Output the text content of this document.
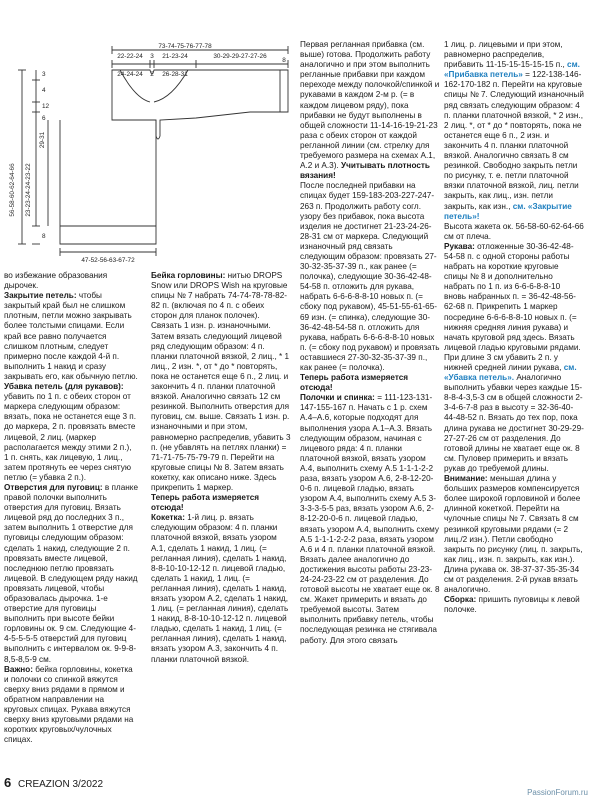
73-74-75-76-77-78
22-22-24
24-24-24
3
2
21-23-24
26-28-31
30-29-29-27-27-26
8
4
12
6
3
56-58-60-62-64-66 23-23-24-24-23-22
29-31
8
47-52-56-63-67-72

во избежание образования дырочек.

Закрытие петель: чтобы закрытый край был не слишком плотным, петли можно закрывать более толстыми спицами. Если край все равно получается слишком плотным, следует примерно после каждой 4-й п. выполнить 1 накид и сразу закрывать его, как обычную петлю.

Убавка петель (для рукавов): убавить по 1 п. с обеих сторон от маркера следующим образом: вязать, пока не останется еще 3 п. до маркера, 2 п. провязать вместе лицевой, 2 лиц. (маркер располагается между этими 2 п.), 1 п. снять, как лицевую, 1 лиц., затем протянуть ее через снятую петлю (= убавка 2 п.).

Отверстия для пуговиц: в планке правой полочки выполнить отверстия для пуговиц. Вязать лицевой ряд до последних 3 п., затем выполнить 1 отверстие для пуговицы следующим образом: сделать 1 накид, следующие 2 п. провязать вместе лицевой, последнюю петлю провязать лицевой. В следующем ряду накид провязать лицевой, чтобы образовалась дырочка. 1-е отверстие для пуговицы выполнить при высоте бейки горловины ок. 9 см. Следующие 4-4-5-5-5-5 отверстий для пуговиц выполнить с интервалом ок. 9-9-8-8,5-8,5-9 см.

Важно: бейка горловины, кокетка и полочки со спинкой вяжутся сверху вниз рядами в прямом и обратном направлении на круговых спицах. Рукава вяжутся сверху вниз круговыми рядами на коротких круговых/чулочных спицах.

Бейка горловины: нитью DROPS Snow или DROPS Wish на круговые спицы № 7 набрать 74-74-78-78-82-82 п. (включая по 4 п. с обеих сторон для планок полочек). Связать 1 изн. р. изнаночными. Затем вязать следующий лицевой ряд следующим образом: 4 п. планки платочной вязкой, 2 лиц., * 1 лиц., 2 изн. *, от * до * повторять, пока не останется еще 6 п., 2 лиц. и закончить 4 п. планки платочной вязкой. Аналогично связать 12 см резинкой. Выполнить отверстия для пуговиц, см. выше. Связать 1 изн. р. изнаночными и при этом, равномерно распределив, убавить 3 п. (не убавлять на петлях планки) = 71-71-75-75-79-79 п. Перейти на круговые спицы № 8. Затем вязать кокетку, как описано ниже. Здесь прикрепить 1 маркер.

Теперь работа измеряется отсюда!

Кокетка: 1-й лиц. р. вязать следующим образом: 4 п. планки платочной вязкой, вязать узором А.1, сделать 1 накид, 1 лиц. (= регланная линия), сделать 1 накид, 8-8-10-10-12-12 п. лицевой гладью, сделать 1 накид, 1 лиц. (= регланная линия), сделать 1 накид, вязать узором А.2, сделать 1 накид, 1 лиц. (= регланная линия), сделать 1 накид, 8-8-10-10-12-12 п. лицевой гладью, сделать 1 накид, 1 лиц. (= регланная линия), сделать 1 накид, вязать узором А.3, закончить 4 п. планки платочной вязкой.

Первая регланная прибавка (см. выше) готова. Продолжить работу аналогично и при этом выполнить регланные прибавки при каждом переходе между полочкой/спинкой и рукавами в каждом 2-м р. (= в каждом лицевом ряду), пока прибавки не будут выполнены в общей сложности 11-14-16-19-21-23 раза с обеих сторон от каждой регланной линии (см. стрелку для требуемого размера на схемах А.1, А.2 и А.3). Учитывать плотность вязания!

После последней прибавки на спицах будет 159-183-203-227-247-263 п. Продолжить работу согл. узору без прибавок, пока высота изделия не достигнет 21-23-24-26-28-31 см от маркера. Следующий изнаночный ряд связать следующим образом: провязать 27-30-32-35-37-39 п., как ранее (= полочка), следующие 30-36-42-48-54-58 п. отложить для рукава, набрать 6-6-6-8-8-10 новых п. (= сбоку под рукавом), 45-51-55-61-65-69 изн. (= спинка), следующие 30-36-42-48-54-58 п. отложить для рукава, набрать 6-6-6-8-8-10 новых п. (= сбоку под рукавом) и провязать оставшиеся 27-30-32-35-37-39 п., как ранее (= полочка).

Теперь работа измеряется отсюда!

Полочки и спинка: = 111-123-131-147-155-167 п. Начать с 1 р. схем А.4–А.6, которые подходят для выполнения узора А.1–А.3. Вязать следующим образом, начиная с лицевого ряда: 4 п. планки платочной вязкой, вязать узором А.4, выполнить схему А.5 1-1-1-2-2 раза, вязать узором А.6, 2-8-12-20-0-6 п. лицевой гладью, вязать узором А.4, выполнить схему А.5 3-3-3-3-5-5 раз, вязать узором А.6, 2-8-12-20-0-6 п. лицевой гладью, вязать узором А.4, выполнить схему А.5 1-1-1-2-2-2 раза, вязать узором А.6 и 4 п. планки платочной вязкой. Вязать далее аналогично до достижения высоты работы 23-23-24-24-23-22 см от разделения. До готовой высоты не хватает еще ок. 8 см. Жакет примерить и вязать до требуемой высоты. Затем выполнить прибавку петель, чтобы последующая резинка не стягивала работу. Для этого связать

1 лиц. р. лицевыми и при этом, равномерно распределив, прибавить 11-15-15-15-15-15 п., см. «Прибавка петель» = 122-138-146-162-170-182 п. Перейти на круговые спицы № 7. Следующий изнаночный ряд связать следующим образом: 4 п. планки платочной вязкой, * 2 изн., 2 лиц. *, от * до * повторять, пока не останется еще 6 п., 2 изн. и закончить 4 п. планки платочной вязкой. Аналогично связать 8 см резинкой. Свободно закрыть петли по рисунку, т. е. петли платочной вязки платочной вязкой, лиц. петли закрыть, как лиц., изн. петли закрыть, как изн., см. «Закрытие петель»!

Высота жакета ок. 56-58-60-62-64-66 см от плеча.

Рукава: отложенные 30-36-42-48-54-58 п. с одной стороны работы набрать на короткие круговые спицы № 8 и дополнительно набрать по 1 п. из 6-6-6-8-8-10 вновь набранных п. = 36-42-48-56-62-68 п. Прикрепить 1 маркер посредине 6-6-6-8-8-10 новых п. (= нижняя средняя линия рукава) и начать круговой ряд здесь. Вязать лицевой гладью круговыми рядами. При длине 3 см убавить 2 п. у нижней средней линии рукава, см. «Убавка петель». Аналогично выполнить убавки через каждые 15-8-8-4-3,5-3 см в общей сложности 2-3-4-6-7-8 раз в высоту = 32-36-40-44-48-52 п. Вязать до тех пор, пока длина рукава не достигнет 30-29-29-27-27-26 см от разделения. До готовой длины не хватает еще ок. 8 см. Пуловер примерить и вязать рукав до требуемой длины.

Внимание: меньшая длина у больших размеров компенсируется более широкой горловиной и более длинной кокеткой. Перейти на чулочные спицы № 7. Связать 8 см резинкой круговыми рядами (= 2 лиц./2 изн.). Петли свободно закрыть по рисунку (лиц. п. закрыть, как лиц., изн. п. закрыть, как изн.). Длина рукава ок. 38-37-37-35-35-34 см от разделения. 2-й рукав вязать аналогично.

Сборка: пришить пуговицы к левой полочке.

6 CREAZION 3/2022
PassionForum.ru
